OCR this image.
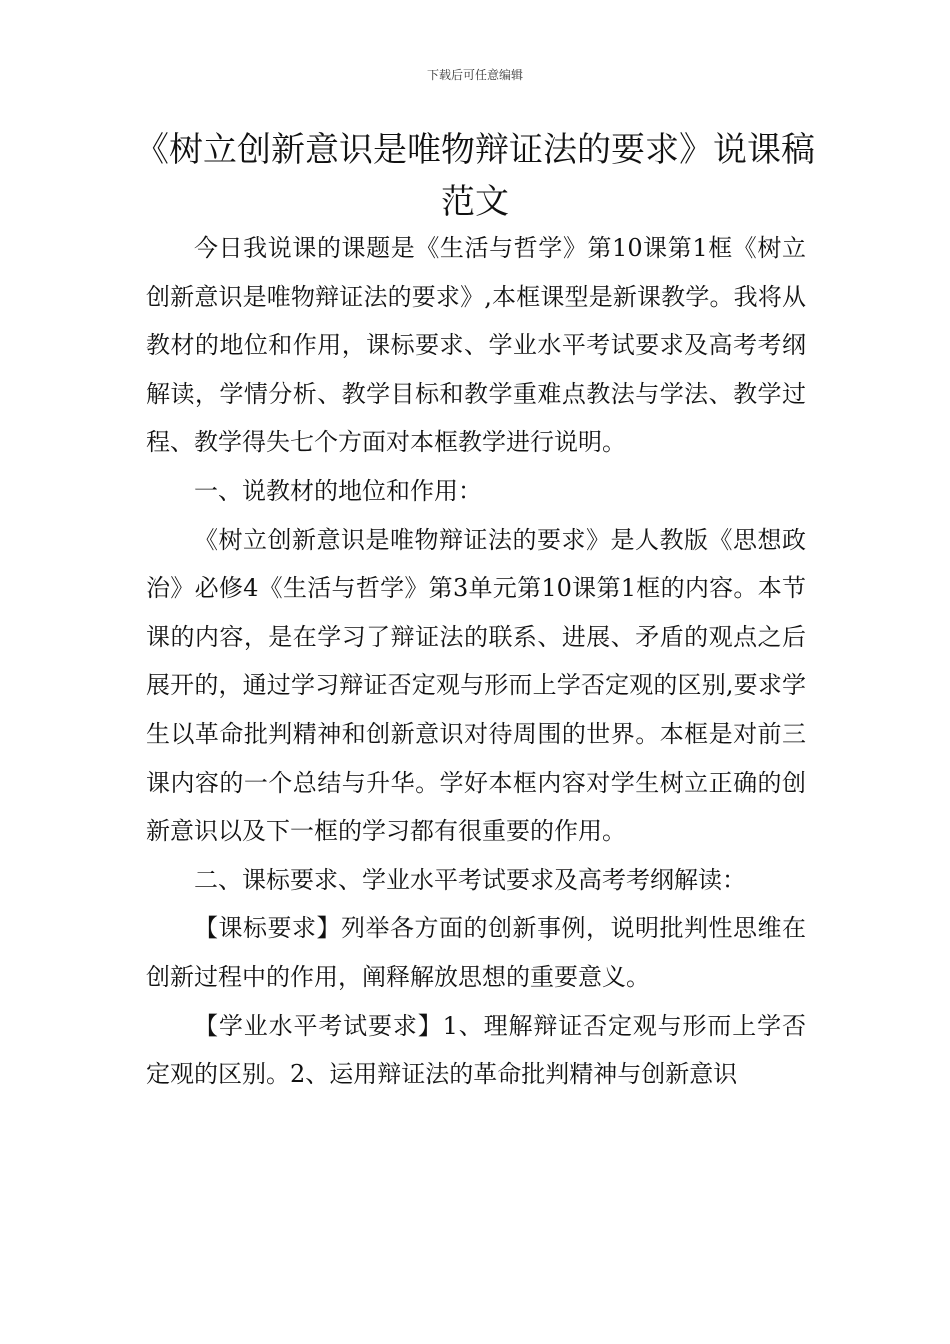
下载后可任意编辑
《树立创新意识是唯物辩证法的要求》说课稿范文

今日我说课的课题是《生活与哲学》第10课第1框《树立创新意识是唯物辩证法的要求》,本框课型是新课教学。我将从教材的地位和作用，课标要求、学业水平考试要求及高考考纲解读，学情分析、教学目标和教学重难点教法与学法、教学过程、教学得失七个方面对本框教学进行说明。

一、说教材的地位和作用：

《树立创新意识是唯物辩证法的要求》是人教版《思想政治》必修4《生活与哲学》第3单元第10课第1框的内容。本节课的内容，是在学习了辩证法的联系、进展、矛盾的观点之后展开的，通过学习辩证否定观与形而上学否定观的区别,要求学生以革命批判精神和创新意识对待周围的世界。本框是对前三课内容的一个总结与升华。学好本框内容对学生树立正确的创新意识以及下一框的学习都有很重要的作用。

二、课标要求、学业水平考试要求及高考考纲解读：

【课标要求】列举各方面的创新事例，说明批判性思维在创新过程中的作用，阐释解放思想的重要意义。

【学业水平考试要求】1、理解辩证否定观与形而上学否定观的区别。2、运用辩证法的革命批判精神与创新意识
